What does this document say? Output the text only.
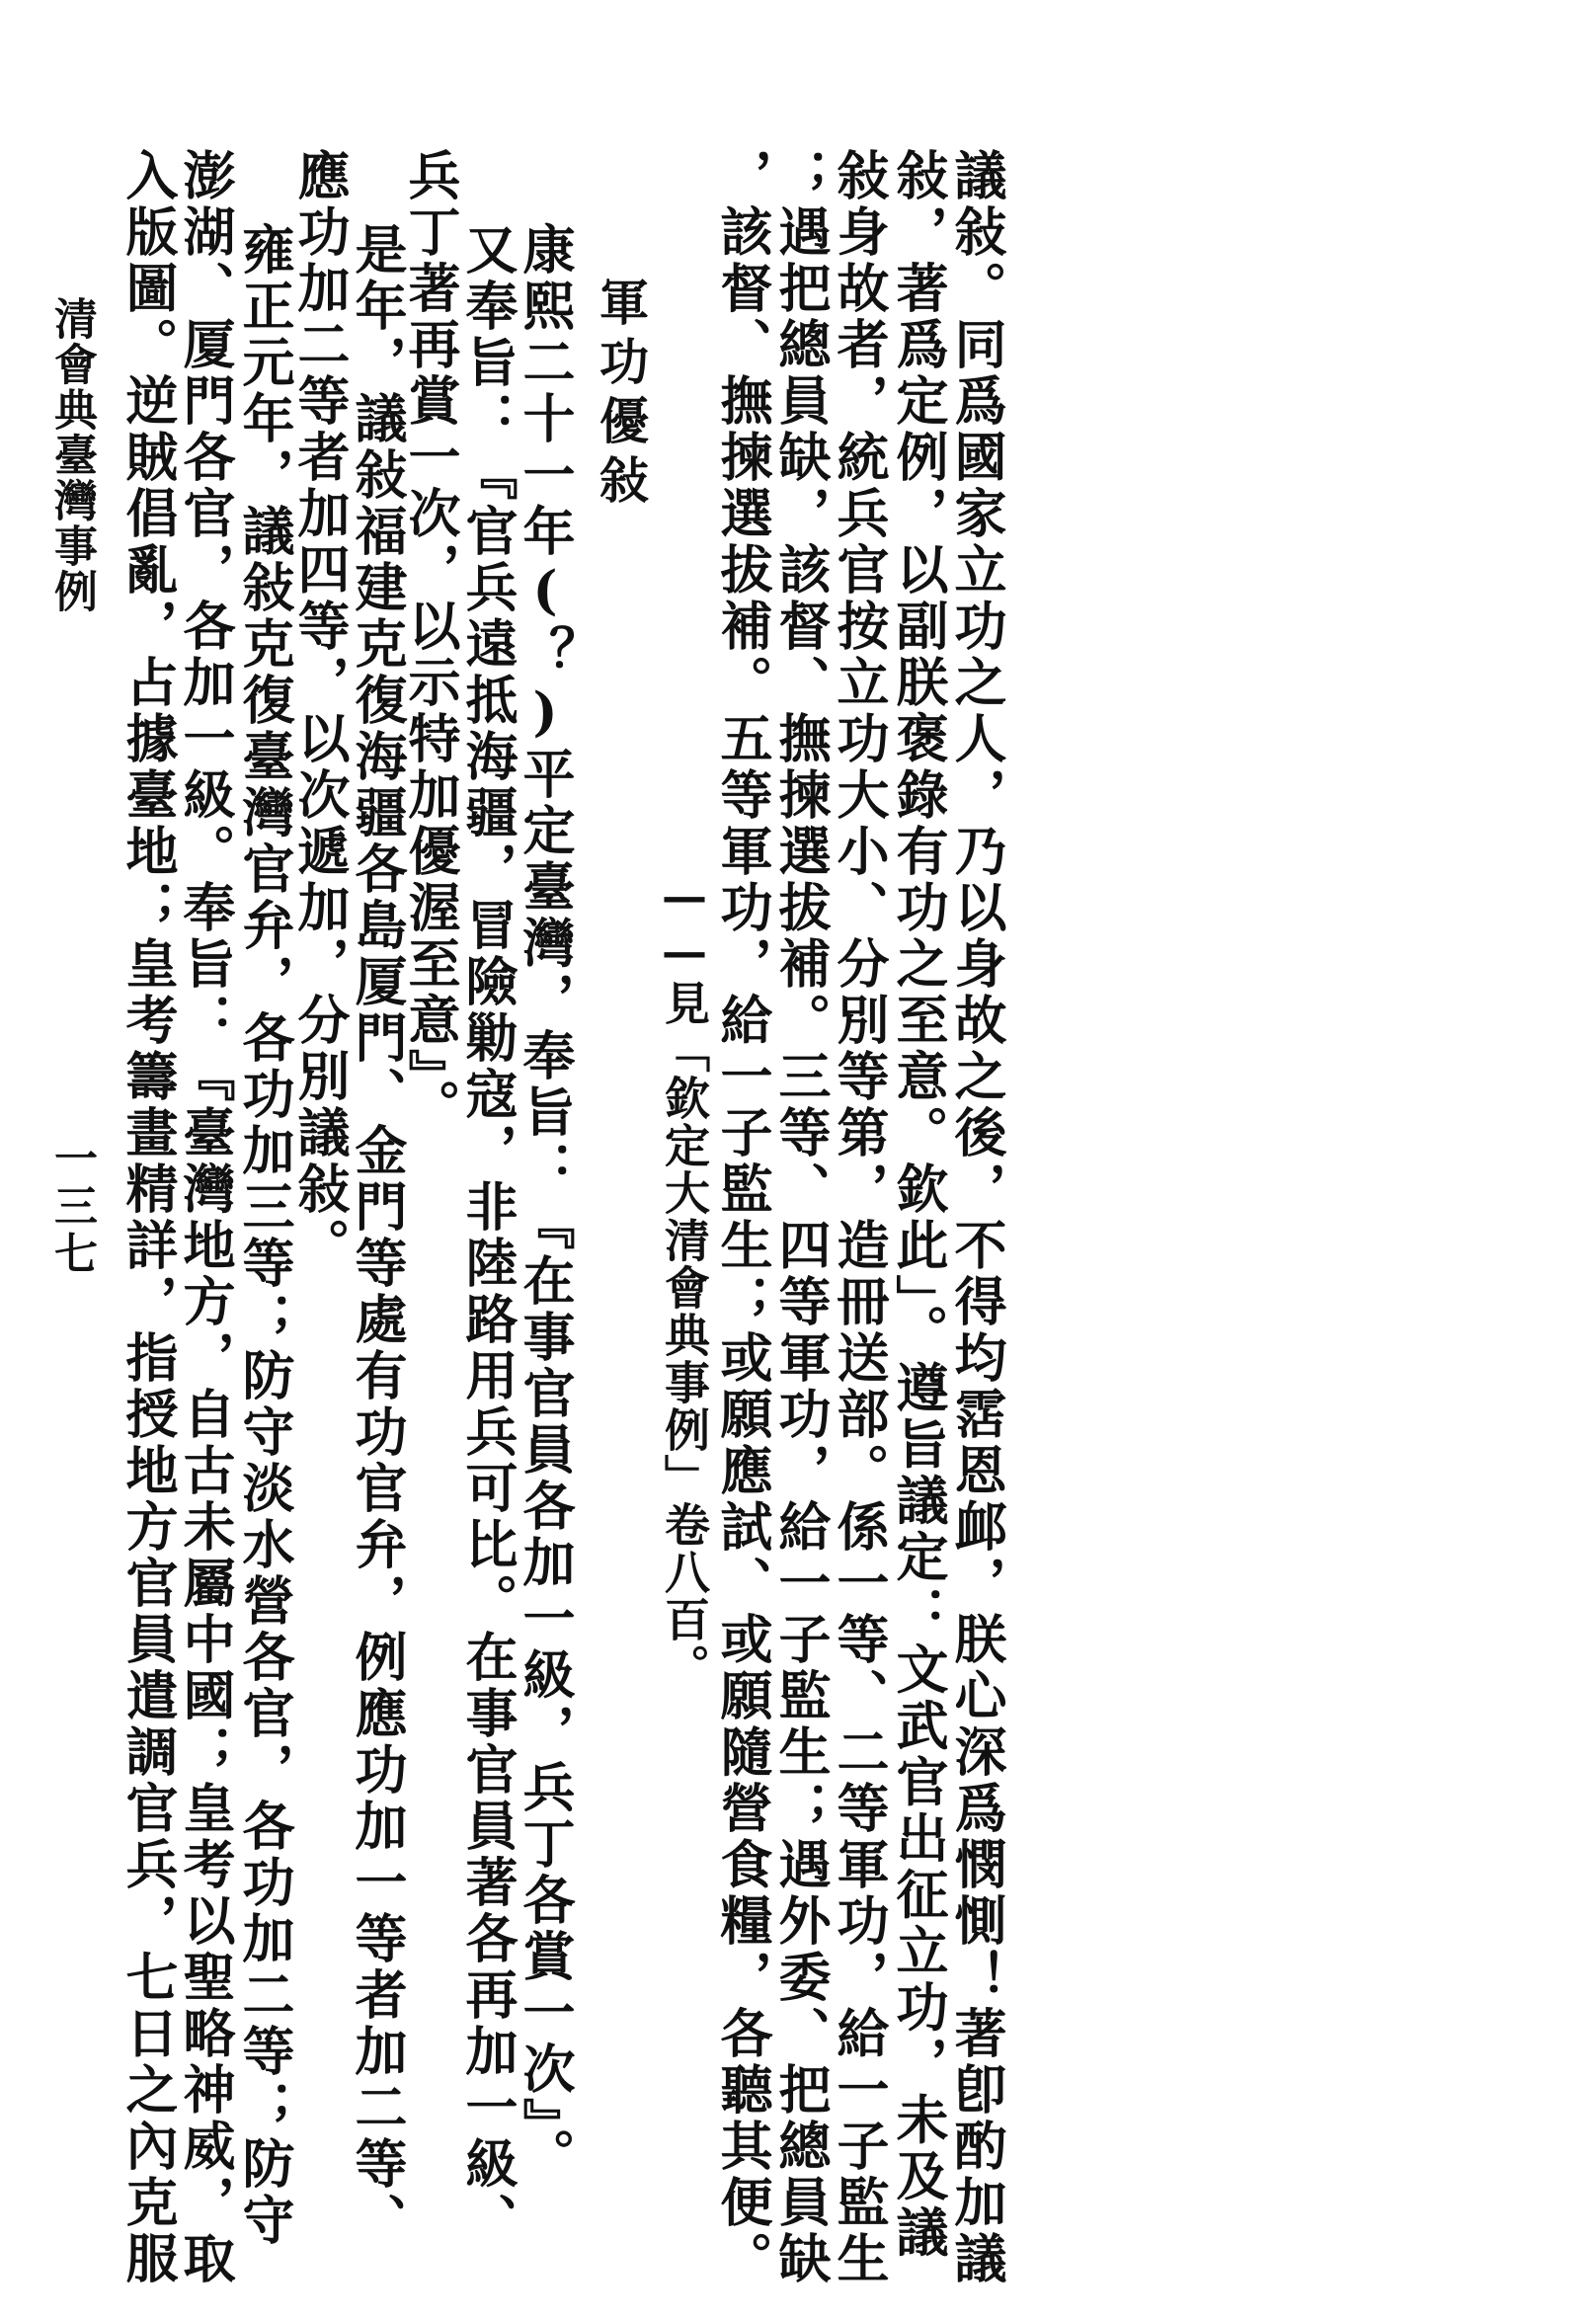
議敍。同爲國家立功之人，乃以身故之後，不得均霑恩䘏，朕心深爲憫惻！著卽酌加議
敍，著爲定例，以副朕褒錄有功之至意。欽此」。遵旨議定：文武官出征立功，未及議
敍身故者，統兵官按立功大小、分別等第，造冊送部。係一等、二等軍功，給一子監生
；遇把總員缺，該督、撫揀選拔補。三等、四等軍功，給一子監生；遇外委、把總員缺
，該督、撫揀選拔補。五等軍功，給一子監生；或願應試、或願隨營食糧，各聽其便。
——見「欽定大清會典事例」卷八百。
軍功優敍
康熙二十一年(？)平定臺灣，奉旨：『在事官員各加一級，兵丁各賞一次』。
又奉旨：『官兵遠抵海疆，冒險勦寇，非陸路用兵可比。在事官員著各再加一級、
兵丁著再賞一次，以示特加優渥至意』。
是年，議敍福建克復海疆各島厦門、金門等處有功官弁，例應功加一等者加二等、
應功加二等者加四等，以次遞加，分別議敍。
雍正元年，議敍克復臺灣官弁，各功加三等；防守淡水營各官，各功加二等；防守
澎湖、厦門各官，各加一級。奉旨：『臺灣地方，自古未屬中國；皇考以聖略神威，取
入版圖。逆賊倡亂，占據臺地；皇考籌畫精詳，指授地方官員遣調官兵，七日之內克服
清會典臺灣事例
一三七
